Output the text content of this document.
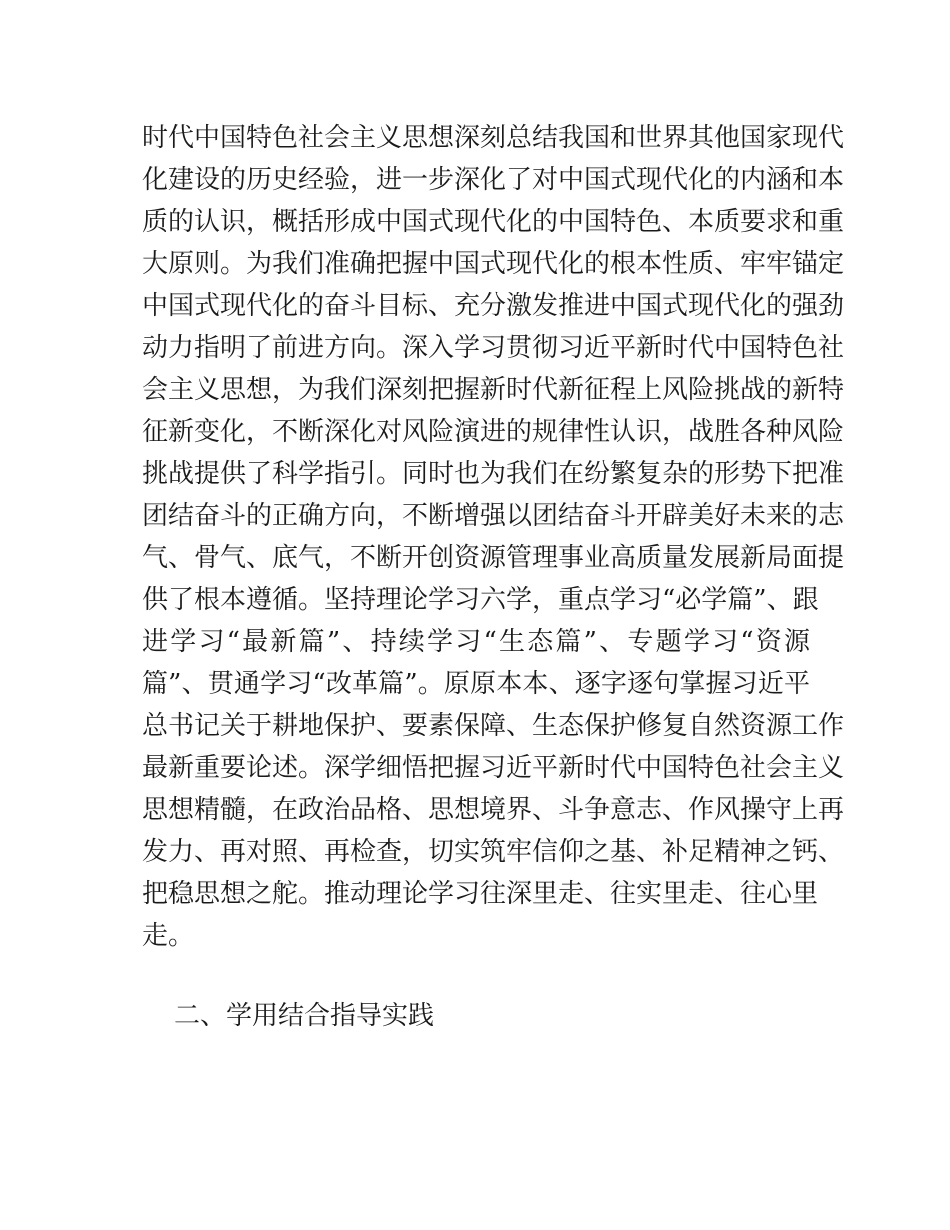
时代中国特色社会主义思想深刻总结我国和世界其他国家现代
化建设的历史经验，进一步深化了对中国式现代化的内涵和本
质的认识，概括形成中国式现代化的中国特色、本质要求和重
大原则。为我们准确把握中国式现代化的根本性质、牢牢锚定
中国式现代化的奋斗目标、充分激发推进中国式现代化的强劲
动力指明了前进方向。深入学习贯彻习近平新时代中国特色社
会主义思想，为我们深刻把握新时代新征程上风险挑战的新特
征新变化，不断深化对风险演进的规律性认识，战胜各种风险
挑战提供了科学指引。同时也为我们在纷繁复杂的形势下把准
团结奋斗的正确方向，不断增强以团结奋斗开辟美好未来的志
气、骨气、底气，不断开创资源管理事业高质量发展新局面提
供了根本遵循。坚持理论学习六学，重点学习“必学篇”、跟
进学习“最新篇”、持续学习“生态篇”、专题学习“资源
篇”、贯通学习“改革篇”。原原本本、逐字逐句掌握习近平
总书记关于耕地保护、要素保障、生态保护修复自然资源工作
最新重要论述。深学细悟把握习近平新时代中国特色社会主义
思想精髓，在政治品格、思想境界、斗争意志、作风操守上再
发力、再对照、再检查，切实筑牢信仰之基、补足精神之钙、
把稳思想之舵。推动理论学习往深里走、往实里走、往心里
走。
二、学用结合指导实践
